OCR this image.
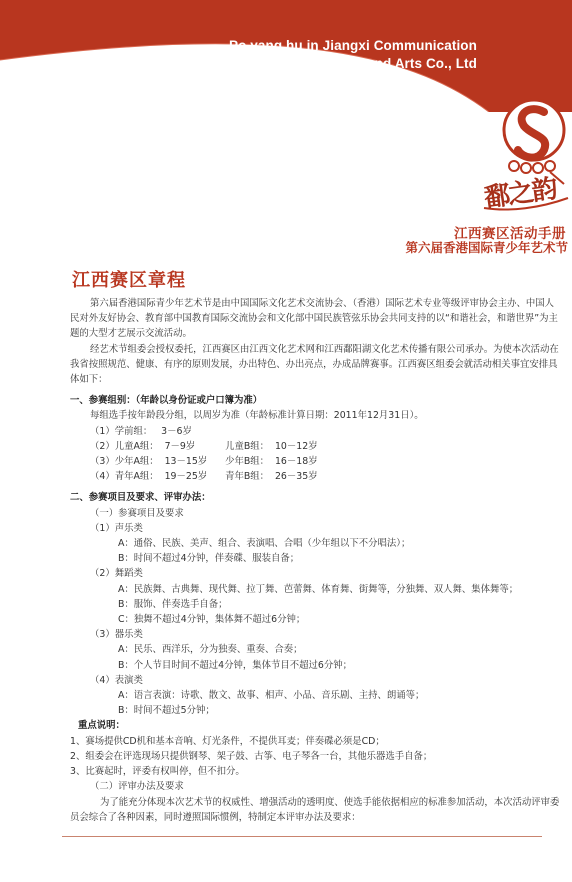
Po yang hu in Jiangxi Communication
Culture and Arts Co., Ltd
鄱之韵
江西赛区活动手册
第六届香港国际青少年艺术节
江西赛区章程

第六届香港国际青少年艺术节是由中国国际文化艺术交流协会、（香港）国际艺术专业等级评审协会主办、中国人民对外友好协会、教育部中国教育国际交流协会和文化部中国民族管弦乐协会共同支持的以“和谐社会，和谐世界”为主题的大型才艺展示交流活动。

经艺术节组委会授权委托，江西赛区由江西文化艺术网和江西鄱阳湖文化艺术传播有限公司承办。为使本次活动在我省按照规范、健康、有序的原则发展，办出特色、办出亮点，办成品牌赛事。江西赛区组委会就活动相关事宜安排具体如下：

一、参赛组别：（年龄以身份证或户口簿为准）
每组选手按年龄段分组，以周岁为准（年龄标准计算日期：2011年12月31日）。
（1）学前组：   3－6岁
（2）儿童A组：  7－9岁          儿童B组：  10－12岁
（3）少年A组：  13－15岁      少年B组：  16－18岁
（4）青年A组：  19－25岁      青年B组：  26－35岁
二、参赛项目及要求、评审办法：
（一）参赛项目及要求
（1）声乐类
A：通俗、民族、美声、组合、表演唱、合唱（少年组以下不分唱法）；
B：时间不超过4分钟，伴奏碟、服装自备；
（2）舞蹈类
A：民族舞、古典舞、现代舞、拉丁舞、芭蕾舞、体育舞、街舞等，分独舞、双人舞、集体舞等；
B：服饰、伴奏选手自备；
C：独舞不超过4分钟，集体舞不超过6分钟；
（3）器乐类
A：民乐、西洋乐，分为独奏、重奏、合奏；
B：个人节目时间不超过4分钟，集体节目不超过6分钟；
（4）表演类
A：语言表演：诗歌、散文、故事、相声、小品、音乐剧、主持、朗诵等；
B：时间不超过5分钟；
重点说明：
1、赛场提供CD机和基本音响、灯光条件，不提供耳麦；伴奏碟必须是CD；
2、组委会在评选现场只提供钢琴、架子鼓、古筝、电子琴各一台，其他乐器选手自备；
3、比赛起时，评委有权叫停，但不扣分。
（二）评审办法及要求

为了能充分体现本次艺术节的权威性、增强活动的透明度、使选手能依据相应的标准参加活动，本次活动评审委员会综合了各种因素，同时遵照国际惯例，特制定本评审办法及要求：
